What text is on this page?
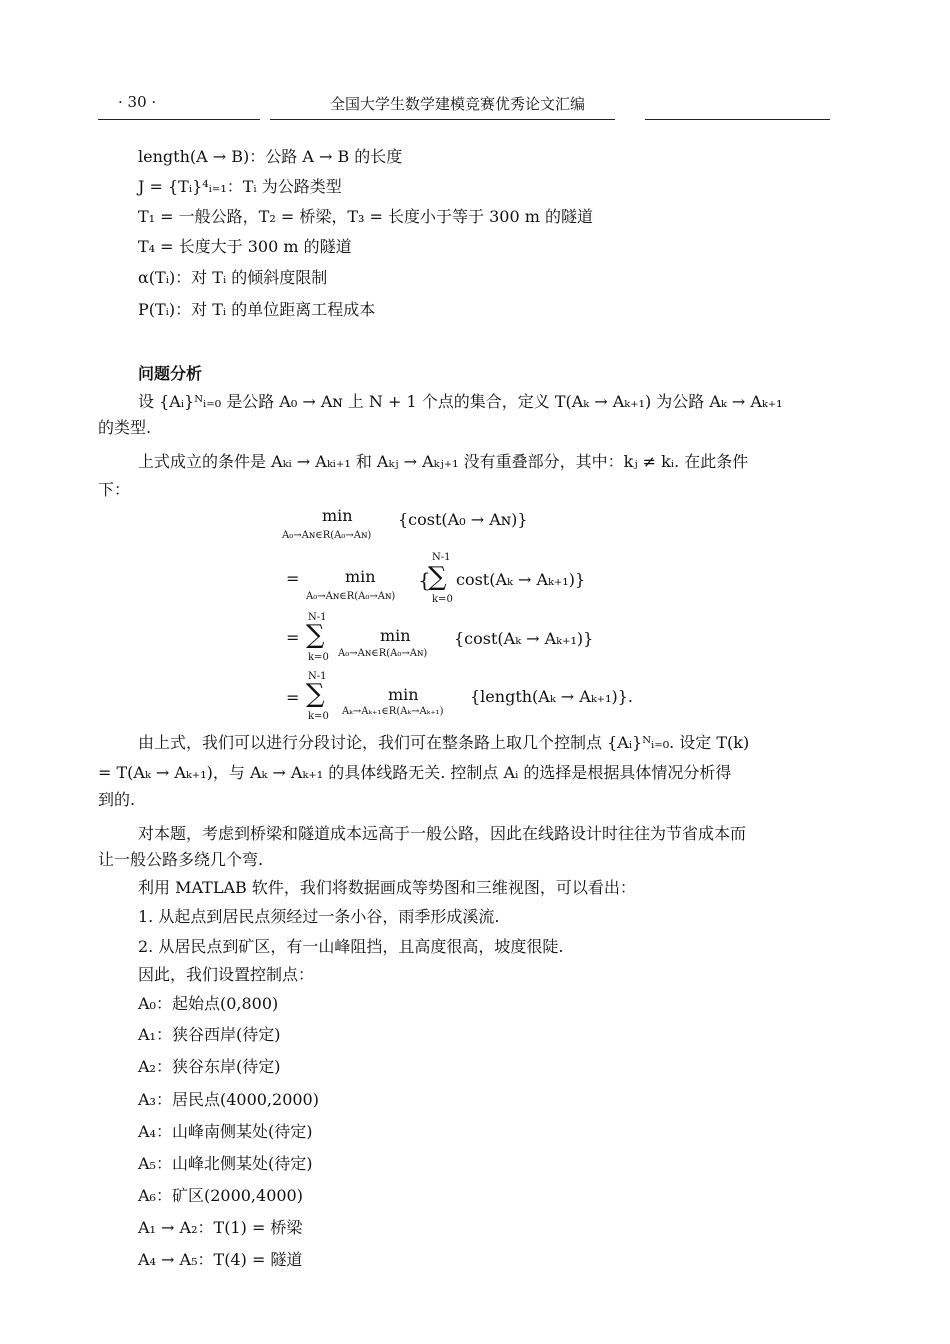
· 30 ·	全国大学生数学建模竞赛优秀论文汇编
length(A → B)：公路 A → B 的长度
J = {Tᵢ}⁴ᵢ₌₁：Tᵢ 为公路类型
T₁ = 一般公路，T₂ = 桥梁，T₃ = 长度小于等于 300 m 的隧道
T₄ = 长度大于 300 m 的隧道
α(Tᵢ)：对 Tᵢ 的倾斜度限制
P(Tᵢ)：对 Tᵢ 的单位距离工程成本
问题分析
设 {Aᵢ}ᴺᵢ₌₀ 是公路 A₀ → Aɴ 上 N + 1 个点的集合，定义 T(Aₖ → Aₖ₊₁) 为公路 Aₖ → Aₖ₊₁
的类型.
上式成立的条件是 Aₖᵢ → Aₖᵢ₊₁ 和 Aₖⱼ → Aₖⱼ₊₁ 没有重叠部分，其中：kⱼ ≠ kᵢ. 在此条件
下：
min
A₀→Aɴ∈R(A₀→Aɴ)
{cost(A₀ → Aɴ)}
=	min
A₀→Aɴ∈R(A₀→Aɴ)
{
N-1
∑
k=0
cost(Aₖ → Aₖ₊₁)}
=
N-1
∑
k=0
min
A₀→Aɴ∈R(A₀→Aɴ)
{cost(Aₖ → Aₖ₊₁)}
=
N-1
∑
k=0
min
Aₖ→Aₖ₊₁∈R(Aₖ→Aₖ₊₁)
{length(Aₖ → Aₖ₊₁)}.
由上式，我们可以进行分段讨论，我们可在整条路上取几个控制点 {Aᵢ}ᴺᵢ₌₀. 设定 T(k)
= T(Aₖ → Aₖ₊₁)，与 Aₖ → Aₖ₊₁ 的具体线路无关. 控制点 Aᵢ 的选择是根据具体情况分析得
到的.
对本题，考虑到桥梁和隧道成本远高于一般公路，因此在线路设计时往往为节省成本而
让一般公路多绕几个弯.
利用 MATLAB 软件，我们将数据画成等势图和三维视图，可以看出：
1. 从起点到居民点须经过一条小谷，雨季形成溪流.
2. 从居民点到矿区，有一山峰阻挡，且高度很高，坡度很陡.
因此，我们设置控制点：
A₀：起始点(0,800)
A₁：狭谷西岸(待定)
A₂：狭谷东岸(待定)
A₃：居民点(4000,2000)
A₄：山峰南侧某处(待定)
A₅：山峰北侧某处(待定)
A₆：矿区(2000,4000)
A₁ → A₂：T(1) = 桥梁
A₄ → A₅：T(4) = 隧道
